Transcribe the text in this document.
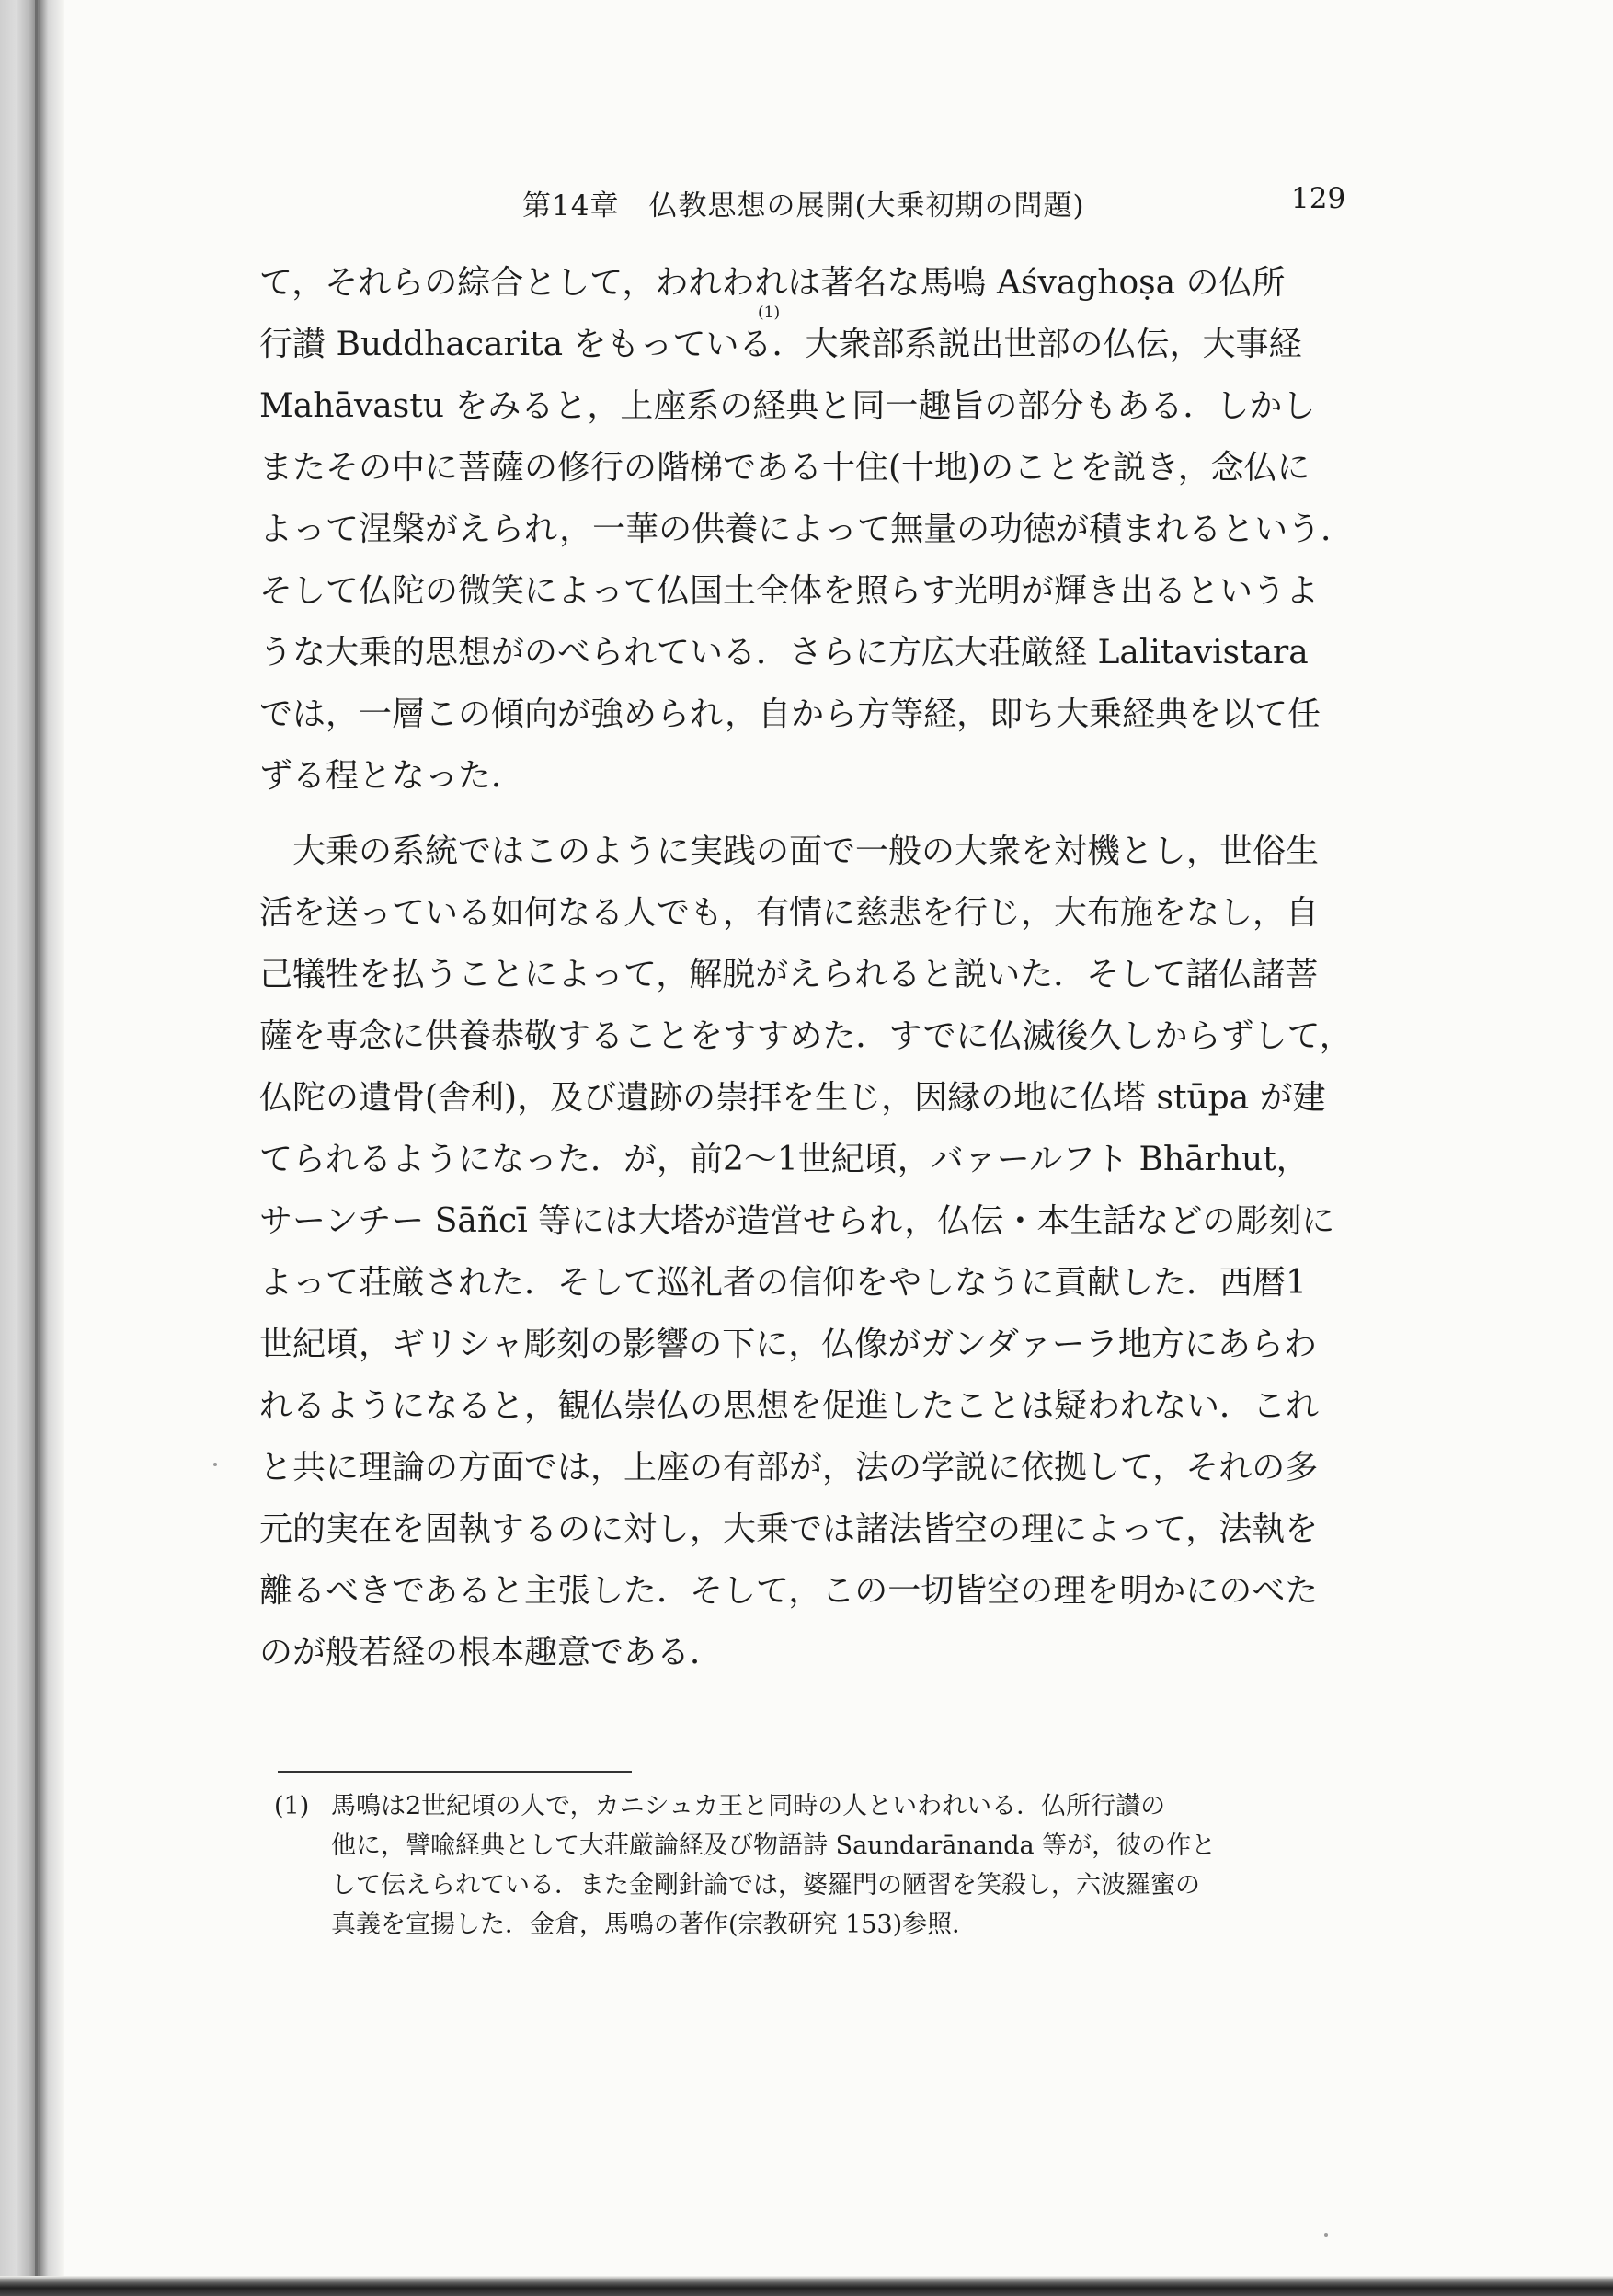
第14章　仏教思想の展開(大乗初期の問題)	129
て，それらの綜合として，われわれは著名な馬鳴 Aśvaghoṣa の仏所
行讃 Buddhacarita をもっている．大衆部系説出世部の仏伝，大事経
Mahāvastu をみると，上座系の経典と同一趣旨の部分もある．しかし
またその中に菩薩の修行の階梯である十住(十地)のことを説き，念仏に
よって涅槃がえられ，一華の供養によって無量の功徳が積まれるという．
そして仏陀の微笑によって仏国土全体を照らす光明が輝き出るというよ
うな大乗的思想がのべられている．さらに方広大荘厳経 Lalitavistara
では，一層この傾向が強められ，自から方等経，即ち大乗経典を以て任
ずる程となった．
　大乗の系統ではこのように実践の面で一般の大衆を対機とし，世俗生
活を送っている如何なる人でも，有情に慈悲を行じ，大布施をなし，自
己犠牲を払うことによって，解脱がえられると説いた．そして諸仏諸菩
薩を専念に供養恭敬することをすすめた．すでに仏滅後久しからずして，
仏陀の遺骨(舎利)，及び遺跡の崇拝を生じ，因縁の地に仏塔 stūpa が建
てられるようになった．が，前2〜1世紀頃，バァールフト Bhārhut，
サーンチー Sāñcī 等には大塔が造営せられ，仏伝・本生話などの彫刻に
よって荘厳された．そして巡礼者の信仰をやしなうに貢献した．西暦1
世紀頃，ギリシャ彫刻の影響の下に，仏像がガンダァーラ地方にあらわ
れるようになると，観仏崇仏の思想を促進したことは疑われない．これ
と共に理論の方面では，上座の有部が，法の学説に依拠して，それの多
元的実在を固執するのに対し，大乗では諸法皆空の理によって，法執を
離るべきであると主張した．そして，この一切皆空の理を明かにのべた
のが般若経の根本趣意である．
(1)
(1) 馬鳴は2世紀頃の人で，カニシュカ王と同時の人といわれいる．仏所行讃の
他に，譬喩経典として大荘厳論経及び物語詩 Saundarānanda 等が，彼の作と
して伝えられている．また金剛針論では，婆羅門の陋習を笑殺し，六波羅蜜の
真義を宣揚した．金倉，馬鳴の著作(宗教研究 153)参照．
